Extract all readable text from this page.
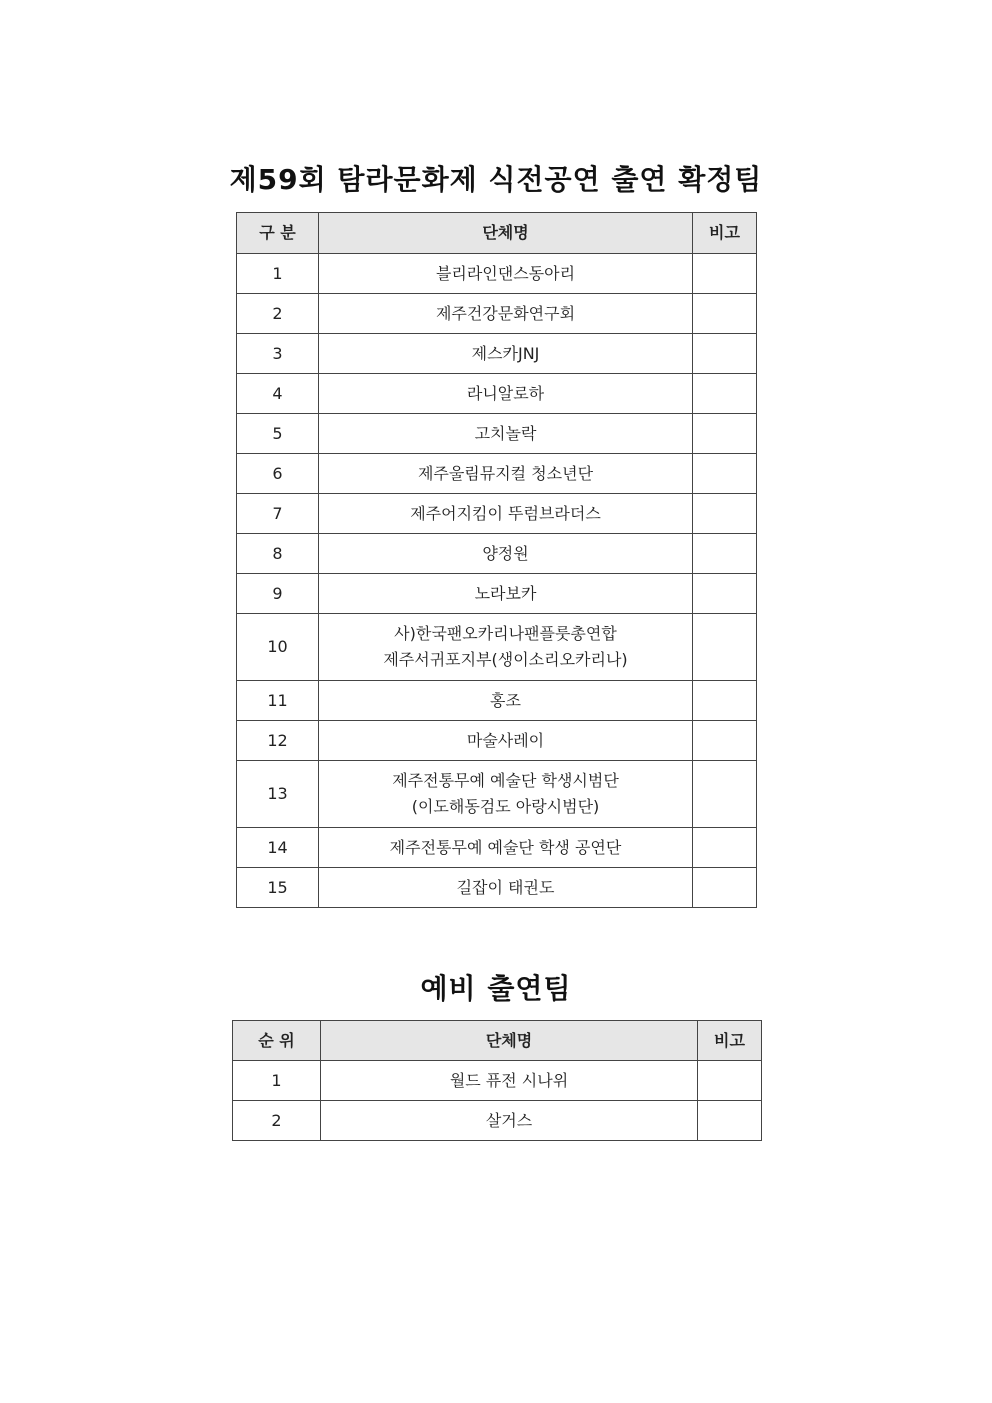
제59회 탐라문화제 식전공연 출연 확정팀
구 분	단체명	비고
1	블리라인댄스동아리	
2	제주건강문화연구회	
3	제스카JNJ	
4	라니알로하	
5	고치놀락	
6	제주울림뮤지컬 청소년단	
7	제주어지킴이 뚜럼브라더스	
8	양정원	
9	노라보카	
10	사)한국팬오카리나팬플룻총연합
제주서귀포지부(생이소리오카리나)	
11	홍조	
12	마술사레이	
13	제주전통무예 예술단 학생시범단
(이도해동검도 아랑시범단)	
14	제주전통무예 예술단 학생 공연단	
15	길잡이 태권도	
예비 출연팀
순 위	단체명	비고
1	월드 퓨전 시나위	
2	살거스	
